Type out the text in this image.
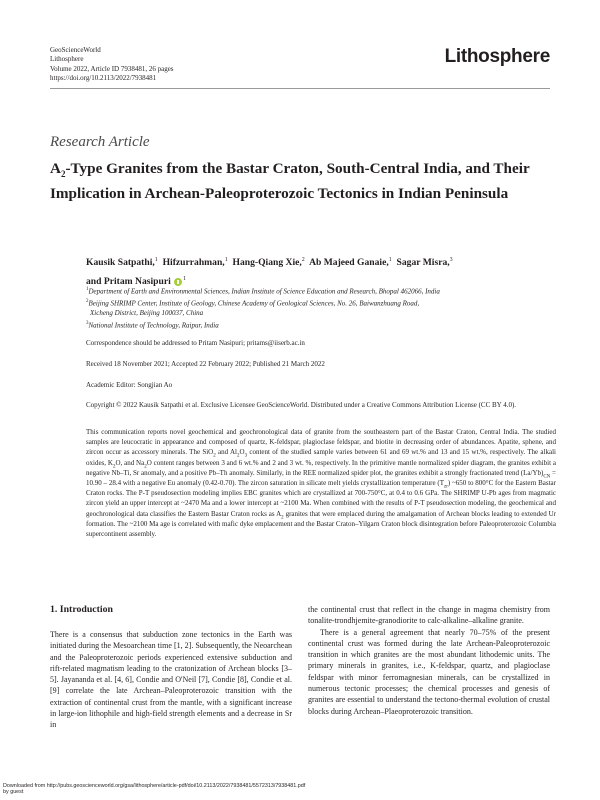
GeoScienceWorld
Lithosphere
Volume 2022, Article ID 7938481, 26 pages
https://doi.org/10.2113/2022/7938481
Lithosphere
Research Article
$A_2$-Type Granites from the Bastar Craton, South-Central India, and Their Implication in Archean-Paleoproterozoic Tectonics in Indian Peninsula
Kausik Satpathi,$^1$ Hifzurrahman,$^1$ Hang-Qiang Xie,$^2$ Ab Majeed Ganaie,$^1$ Sagar Misra,$^3$
and Pritam Nasipuri $^1$
$^1$Department of Earth and Environmental Sciences, Indian Institute of Science Education and Research, Bhopal 462066, India
$^2$Beijing SHRIMP Center, Institute of Geology, Chinese Academy of Geological Sciences, No. 26, Baiwanzhuang Road,
Xicheng District, Beijing 100037, China
$^3$National Institute of Technology, Raipur, India
Correspondence should be addressed to Pritam Nasipuri; pritams@iiserb.ac.in
Received 18 November 2021; Accepted 22 February 2022; Published 21 March 2022
Academic Editor: Songjian Ao
Copyright © 2022 Kausik Satpathi et al. Exclusive Licensee GeoScienceWorld. Distributed under a Creative Commons Attribution License (CC BY 4.0).

This communication reports novel geochemical and geochronological data of granite from the southeastern part of the Bastar Craton, Central India. The studied samples are leucocratic in appearance and composed of quartz, K-feldspar, plagioclase feldspar, and biotite in decreasing order of abundances. Apatite, sphene, and zircon occur as accessory minerals. The SiO$_2$ and $Al_2O_3$ content of the studied sample varies between 61 and 69 wt.% and 13 and 15 wt.%, respectively. The alkali oxides, $K_2O$, and $Na_2O$ content ranges between 3 and 6 wt.% and 2 and 3 wt. %, respectively. In the primitive mantle normalized spider diagram, the granites exhibit a negative Nb–Ti, Sr anomaly, and a positive Pb–Th anomaly. Similarly, in the REE normalized spider plot, the granites exhibit a strongly fractionated trend $(La/Yb)_{CN} = 10.90 - 28.4$ with a negative Eu anomaly (0.42-0.70). The zircon saturation in silicate melt yields crystallization temperature $(T_{zr})$ ~650 to 800°C for the Eastern Bastar Craton rocks. The P-T pseudosection modeling implies EBC granites which are crystallized at 700-750°C, at 0.4 to 0.6 GPa. The SHRIMP U-Pb ages from magmatic zircon yield an upper intercept at ~2470 Ma and a lower intercept at ~2100 Ma. When combined with the results of P-T pseudosection modeling, the geochemical and geochronological data classifies the Eastern Bastar Craton rocks as $A_2$ granites that were emplaced during the amalgamation of Archean blocks leading to extended Ur formation. The ~2100 Ma age is correlated with mafic dyke emplacement and the Bastar Craton–Yilgarn Craton block disintegration before Paleoproterozoic Columbia supercontinent assembly.

1. Introduction

There is a consensus that subduction zone tectonics in the Earth was initiated during the Mesoarchean time [1, 2]. Subsequently, the Neoarchean and the Paleoproterozoic periods experienced extensive subduction and rift-related magmatism leading to the cratonization of Archean blocks [3–5]. Jayananda et al. [4, 6], Condie and O'Neil [7], Condie [8], Condie et al. [9] correlate the late Archean–Paleoproterozoic transition with the extraction of continental crust from the mantle, with a significant increase in large-ion lithophile and high-field strength elements and a decrease in Sr in

the continental crust that reflect in the change in magma chemistry from tonalite-trondhjemite-granodiorite to calc-alkaline–alkaline granite.

There is a general agreement that nearly 70–75% of the present continental crust was formed during the late Archean-Paleoproterozoic transition in which granites are the most abundant lithodemic units. The primary minerals in granites, i.e., K-feldspar, quartz, and plagioclase feldspar with minor ferromagnesian minerals, can be crystallized in numerous tectonic processes; the chemical processes and genesis of granites are essential to understand the tectono-thermal evolution of crustal blocks during Archean–Plaeoproterozoic transition.

Downloaded from http://pubs.geoscienceworld.org/gsa/lithosphere/article-pdf/doi/10.2113/2022/7938481/5572313/7938481.pdf
by guest
